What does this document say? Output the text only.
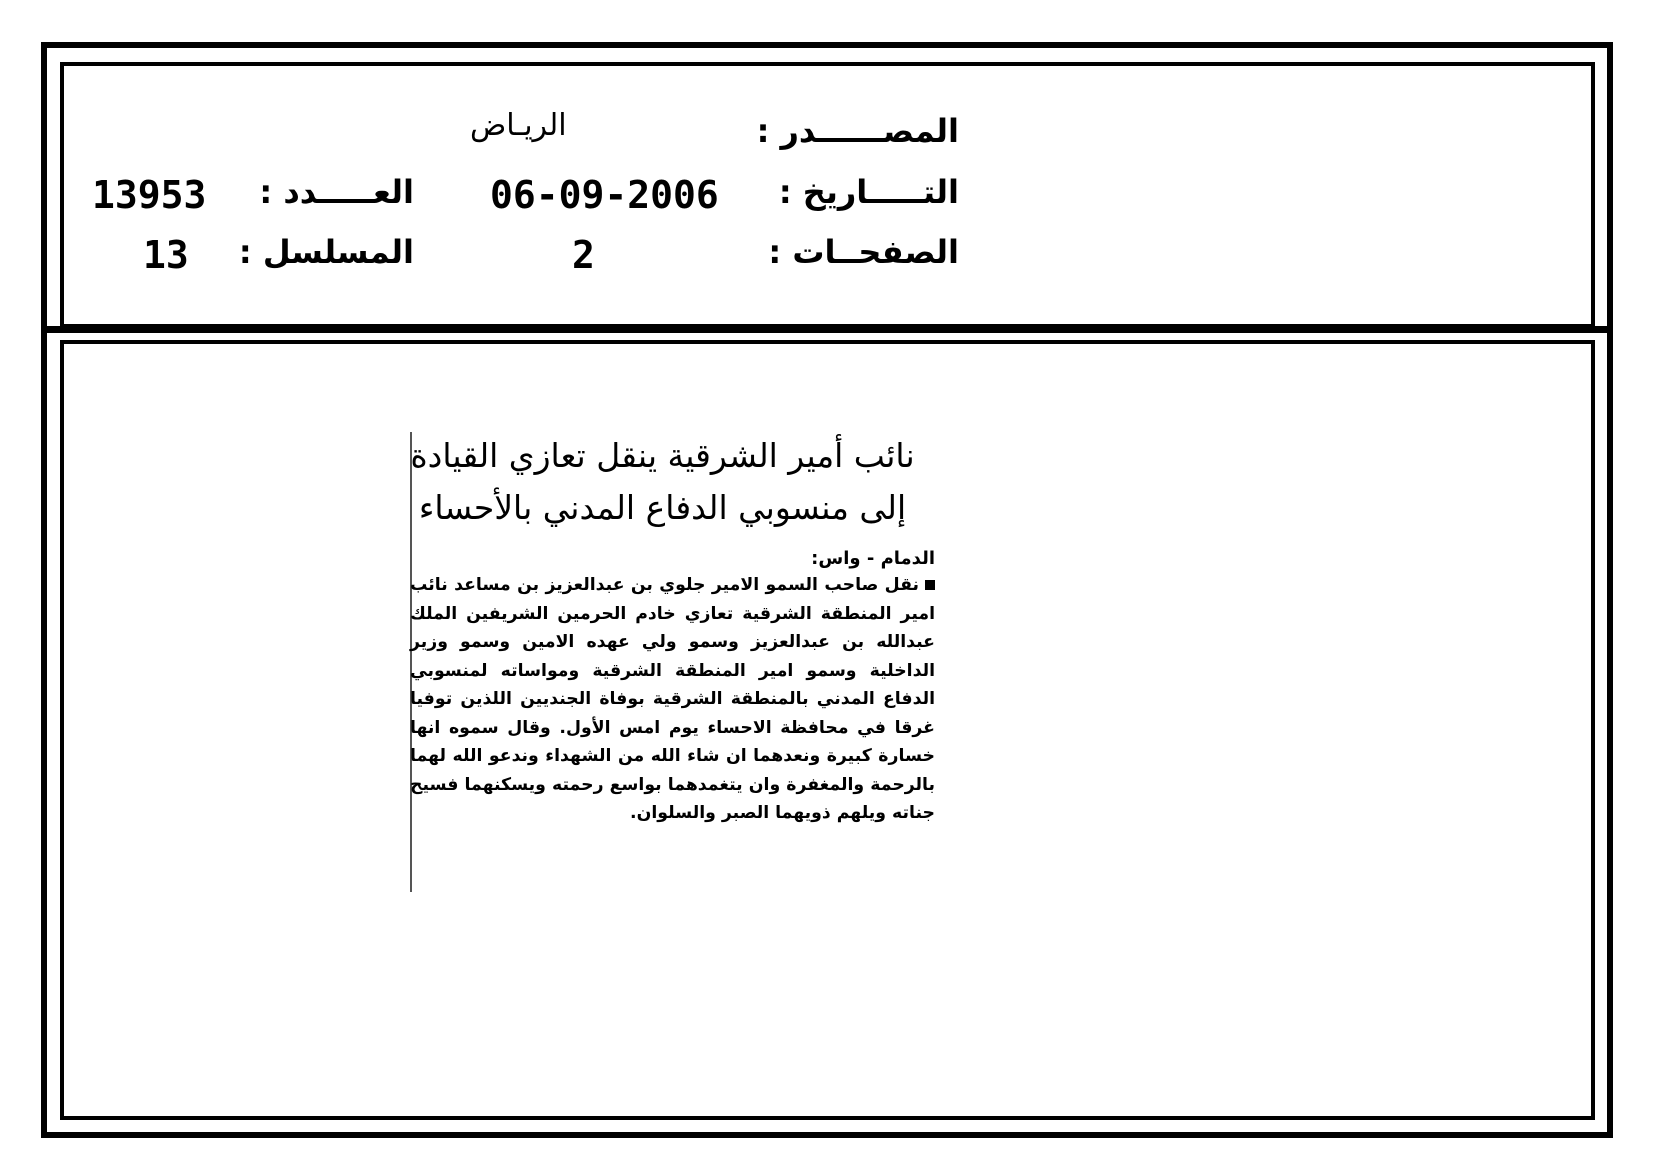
المصــــــدر :
الريـاض
التـــــاريخ :
06-09-2006
العـــــدد :
13953
الصفحــات :
2
المسلسل :
13
نائب أمير الشرقية ينقل تعازي القيادة
إلى منسوبي الدفاع المدني بالأحساء
الدمام - واس:

نقل صاحب السمو الامير جلوي بن عبدالعزيز بن مساعد نائب امير المنطقة الشرقية تعازي خادم الحرمين الشريفين الملك عبدالله بن عبدالعزيز وسمو ولي عهده الامين وسمو وزير الداخلية وسمو امير المنطقة الشرقية ومواساته لمنسوبي الدفاع المدني بالمنطقة الشرقية بوفاة الجنديين اللذين توفيا غرقا في محافظة الاحساء يوم امس الأول. وقال سموه انها خسارة كبيرة ونعدهما ان شاء الله من الشهداء وندعو الله لهما بالرحمة والمغفرة وان يتغمدهما بواسع رحمته ويسكنهما فسيح جناته ويلهم ذويهما الصبر والسلوان.
